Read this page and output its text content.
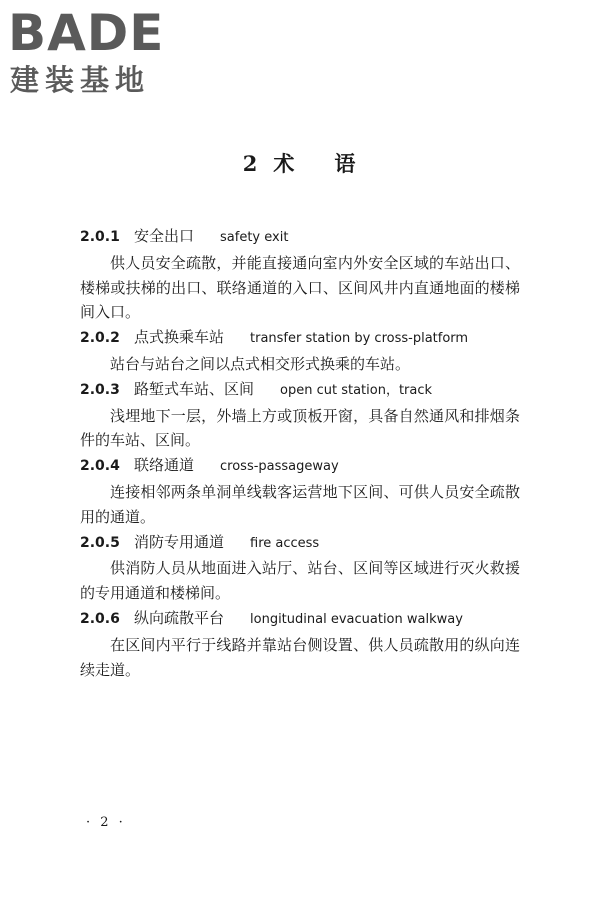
BADE
建装基地
2 术 语
2.0.1 安全出口 safety exit
供人员安全疏散，并能直接通向室内外安全区域的车站出口、楼梯或扶梯的出口、联络通道的入口、区间风井内直通地面的楼梯间入口。
2.0.2 点式换乘车站 transfer station by cross-platform
站台与站台之间以点式相交形式换乘的车站。
2.0.3 路堑式车站、区间 open cut station，track
浅埋地下一层，外墙上方或顶板开窗，具备自然通风和排烟条件的车站、区间。
2.0.4 联络通道 cross-passageway
连接相邻两条单洞单线载客运营地下区间、可供人员安全疏散用的通道。
2.0.5 消防专用通道 fire access
供消防人员从地面进入站厅、站台、区间等区域进行灭火救援的专用通道和楼梯间。
2.0.6 纵向疏散平台 longitudinal evacuation walkway
在区间内平行于线路并靠站台侧设置、供人员疏散用的纵向连续走道。
· 2 ·
